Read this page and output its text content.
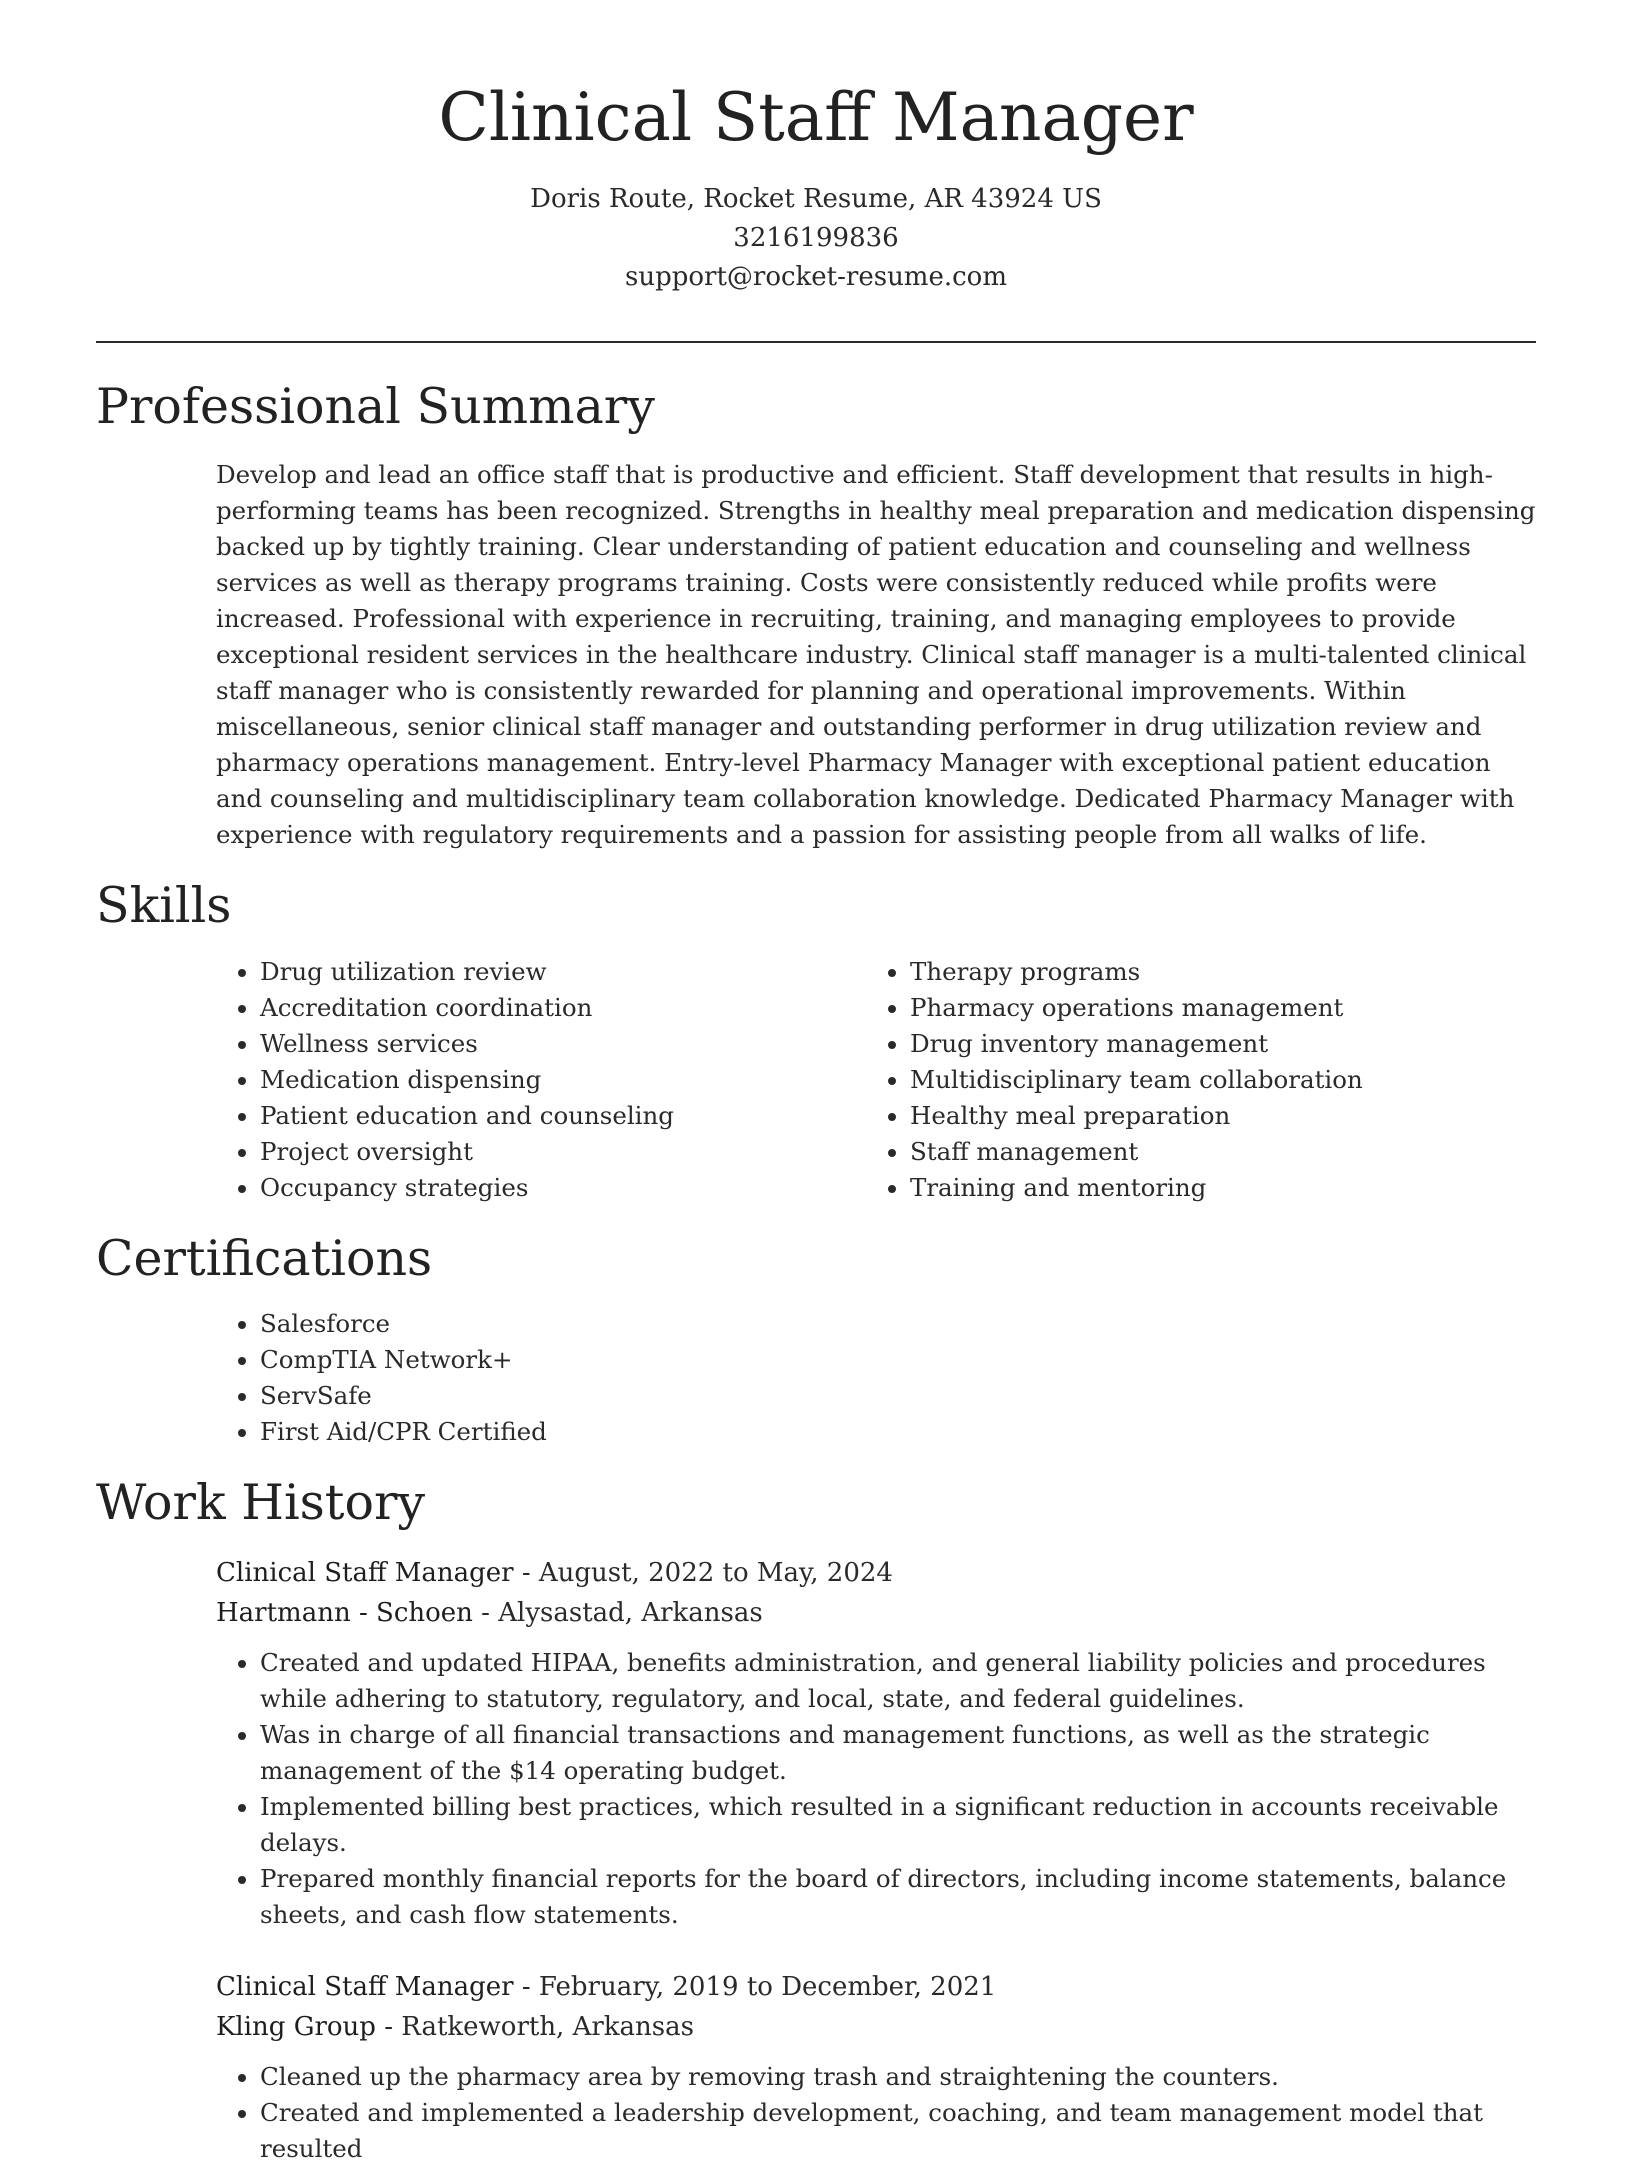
Clinical Staff Manager
Doris Route, Rocket Resume, AR 43924 US
3216199836
support@rocket-resume.com
Professional Summary
Develop and lead an office staff that is productive and efficient. Staff development that results in high-performing teams has been recognized. Strengths in healthy meal preparation and medication dispensing backed up by tightly training. Clear understanding of patient education and counseling and wellness services as well as therapy programs training. Costs were consistently reduced while profits were increased. Professional with experience in recruiting, training, and managing employees to provide exceptional resident services in the healthcare industry. Clinical staff manager is a multi-talented clinical staff manager who is consistently rewarded for planning and operational improvements. Within miscellaneous, senior clinical staff manager and outstanding performer in drug utilization review and pharmacy operations management. Entry-level Pharmacy Manager with exceptional patient education and counseling and multidisciplinary team collaboration knowledge. Dedicated Pharmacy Manager with experience with regulatory requirements and a passion for assisting people from all walks of life.
Skills
• Drug utilization review
• Accreditation coordination
• Wellness services
• Medication dispensing
• Patient education and counseling
• Project oversight
• Occupancy strategies
• Therapy programs
• Pharmacy operations management
• Drug inventory management
• Multidisciplinary team collaboration
• Healthy meal preparation
• Staff management
• Training and mentoring
Certifications
• Salesforce
• CompTIA Network+
• ServSafe
• First Aid/CPR Certified
Work History
Clinical Staff Manager - August, 2022 to May, 2024
Hartmann - Schoen - Alysastad, Arkansas
• Created and updated HIPAA, benefits administration, and general liability policies and procedures while adhering to statutory, regulatory, and local, state, and federal guidelines.
• Was in charge of all financial transactions and management functions, as well as the strategic management of the $14 operating budget.
• Implemented billing best practices, which resulted in a significant reduction in accounts receivable delays.
• Prepared monthly financial reports for the board of directors, including income statements, balance sheets, and cash flow statements.
Clinical Staff Manager - February, 2019 to December, 2021
Kling Group - Ratkeworth, Arkansas
• Cleaned up the pharmacy area by removing trash and straightening the counters.
• Created and implemented a leadership development, coaching, and team management model that resulted
